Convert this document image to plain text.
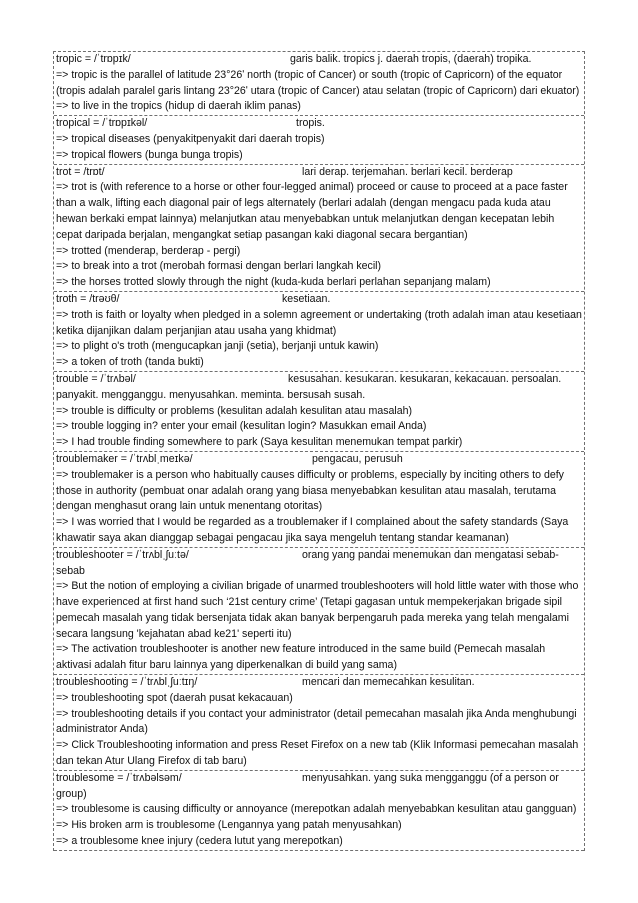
tropic = /ˈtrɒpɪk/	garis balik. tropics j. daerah tropis, (daerah) tropika.
=> tropic is the parallel of latitude 23°26ʹ north (tropic of Cancer) or south (tropic of Capricorn) of the equator (tropis adalah paralel garis lintang 23°26ʹ utara (tropic of Cancer) atau selatan (tropic of Capricorn) dari ekuator)
=> to live in the tropics (hidup di daerah iklim panas)
tropical = /ˈtrɒpɪkəl/	tropis.
=> tropical diseases (penyakitpenyakit dari daerah tropis)
=> tropical flowers (bunga bunga tropis)
trot = /trɒt/	lari derap. terjemahan. berlari kecil. berderap
=> trot is (with reference to a horse or other four-legged animal) proceed or cause to proceed at a pace faster than a walk, lifting each diagonal pair of legs alternately (berlari adalah (dengan mengacu pada kuda atau hewan berkaki empat lainnya) melanjutkan atau menyebabkan untuk melanjutkan dengan kecepatan lebih cepat daripada berjalan, mengangkat setiap pasangan kaki diagonal secara bergantian)
=> trotted (menderap, berderap - pergi)
=> to break into a trot (merobah formasi dengan berlari langkah kecil)
=> the horses trotted slowly through the night (kuda-kuda berlari perlahan sepanjang malam)
troth = /trəʊθ/	kesetiaan.
=> troth is faith or loyalty when pledged in a solemn agreement or undertaking (troth adalah iman atau kesetiaan ketika dijanjikan dalam perjanjian atau usaha yang khidmat)
=> to plight o's troth (mengucapkan janji (setia), berjanji untuk kawin)
=> a token of troth (tanda bukti)
trouble = /ˈtrʌbəl/	kesusahan. kesukaran. kesukaran, kekacauan. persoalan.
panyakit. mengganggu. menyusahkan. meminta. bersusah susah.
=> trouble is difficulty or problems (kesulitan adalah kesulitan atau masalah)
=> trouble logging in? enter your email (kesulitan login? Masukkan email Anda)
=> I had trouble finding somewhere to park (Saya kesulitan menemukan tempat parkir)
troublemaker = /ˈtrʌblˌmeɪkə/	pengacau, perusuh
=> troublemaker is a person who habitually causes difficulty or problems, especially by inciting others to defy those in authority (pembuat onar adalah orang yang biasa menyebabkan kesulitan atau masalah, terutama dengan menghasut orang lain untuk menentang otoritas)
=> I was worried that I would be regarded as a troublemaker if I complained about the safety standards (Saya khawatir saya akan dianggap sebagai pengacau jika saya mengeluh tentang standar keamanan)
troubleshooter = /ˈtrʌblˌʃuːtə/	orang yang pandai menemukan dan mengatasi sebab-sebab
=> But the notion of employing a civilian brigade of unarmed troubleshooters will hold little water with those who have experienced at first hand such ‘21st century crime’ (Tetapi gagasan untuk mempekerjakan brigade sipil pemecah masalah yang tidak bersenjata tidak akan banyak berpengaruh pada mereka yang telah mengalami secara langsung 'kejahatan abad ke21' seperti itu)
=> The activation troubleshooter is another new feature introduced in the same build (Pemecah masalah aktivasi adalah fitur baru lainnya yang diperkenalkan di build yang sama)
troubleshooting = /ˈtrʌblˌʃuːtɪŋ/	mencari dan memecahkan kesulitan.
=> troubleshooting spot (daerah pusat kekacauan)
=> troubleshooting details if you contact your administrator (detail pemecahan masalah jika Anda menghubungi administrator Anda)
=> Click Troubleshooting information and press Reset Firefox on a new tab (Klik Informasi pemecahan masalah dan tekan Atur Ulang Firefox di tab baru)
troublesome = /ˈtrʌbəlsəm/	menyusahkan. yang suka mengganggu (of a person or group)
=> troublesome is causing difficulty or annoyance (merepotkan adalah menyebabkan kesulitan atau gangguan)
=> His broken arm is troublesome (Lengannya yang patah menyusahkan)
=> a troublesome knee injury (cedera lutut yang merepotkan)
